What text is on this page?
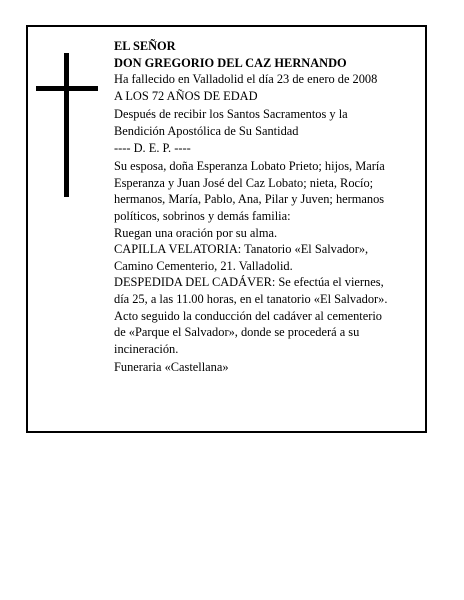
EL SEÑOR
DON GREGORIO DEL CAZ HERNANDO
Ha fallecido en Valladolid el día 23 de enero de 2008
A LOS 72 AÑOS DE EDAD
Después de recibir los Santos Sacramentos y la
Bendición Apostólica de Su Santidad
---- D. E. P. ----
Su esposa, doña Esperanza Lobato Prieto; hijos, María
Esperanza y Juan José del Caz Lobato; nieta, Rocío;
hermanos, María, Pablo, Ana, Pilar y Juven; hermanos
políticos, sobrinos y demás familia:
Ruegan una oración por su alma.
CAPILLA VELATORIA: Tanatorio «El Salvador»,
Camino Cementerio, 21. Valladolid.
DESPEDIDA DEL CADÁVER: Se efectúa el viernes,
día 25, a las 11.00 horas, en el tanatorio «El Salvador».
Acto seguido la conducción del cadáver al cementerio
de «Parque el Salvador», donde se procederá a su
incineración.
Funeraria «Castellana»
